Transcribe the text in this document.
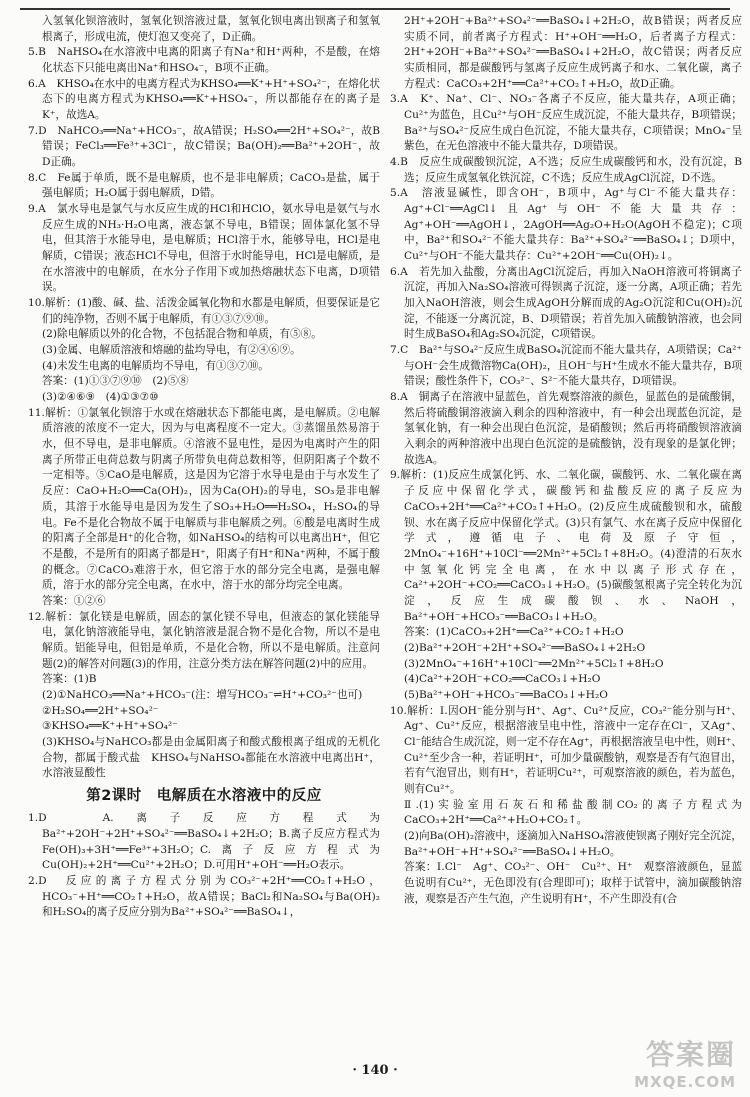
入氢氧化钡溶液时，氢氧化钡溶液过量，氢氧化钡电离出钡离子和氢氧根离子，形成电流，使灯泡又变亮了，D正确。

5.B　NaHSO₄在水溶液中电离的阳离子有Na⁺和H⁺两种，不是酸，在熔化状态下只能电离出Na⁺和HSO₄⁻，B项不正确。

6.A　KHSO₄在水中的电离方程式为KHSO₄══K⁺+H⁺+SO₄²⁻，在熔化状态下的电离方程式为KHSO₄══K⁺+HSO₄⁻，所以都能存在的离子是K⁺，故选A。

7.D　NaHCO₃══Na⁺+HCO₃⁻，故A错误；H₂SO₄══2H⁺+SO₄²⁻，故B错误；FeCl₃══Fe³⁺+3Cl⁻，故C错误；Ba(OH)₂══Ba²⁺+2OH⁻，故D正确。

8.C　Fe属于单质，既不是电解质，也不是非电解质；CaCO₃是盐，属于强电解质；H₂O属于弱电解质，D错。

9.A　氯水导电是氯气与水反应生成的HCl和HClO，氨水导电是氨气与水反应生成的NH₃·H₂O电离，液态氯不导电，B错误；固体氯化氢不导电，但其溶于水能导电，是电解质；HCl溶于水，能够导电，HCl是电解质，C错误；液态HCl不导电，但溶于水时能导电，HCl是电解质，是在水溶液中的电解质，在水分子作用下或加热熔融状态下电离，D项错误。

10.解析：(1)酸、碱、盐、活泼金属氧化物和水都是电解质，但要保证是它们的纯净物，否则不属于电解质，有①③⑦⑨⑩。

(2)除电解质以外的化合物，不包括混合物和单质，有⑤⑧。

(3)金属、电解质溶液和熔融的盐均导电，有②④⑥⑨。

(4)未发生电离的电解质均不导电，有①③⑦⑩。

答案：(1)①③⑦⑨⑩　(2)⑤⑧

(3)②④⑥⑨　(4)①③⑦⑩

11.解析：①氯氧化钡溶于水或在熔融状态下都能电离，是电解质。②电解质溶液的浓度不一定大，因为与电离程度不一定大。③蒸馏虽然易溶于水，但不导电，是非电解质。④溶液不显电性，是因为电离时产生的阳离子所带正电荷总数与阴离子所带负电荷总数相等，但阴阳离子个数不一定相等。⑤CaO是电解质，这是因为它溶于水导电是由于与水发生了反应：CaO+H₂O══Ca(OH)₂，因为Ca(OH)₂的导电，SO₃是非电解质，其溶于水能导电是因为发生了SO₃+H₂O══H₂SO₄，H₂SO₄的导电。Fe不是化合物故不属于电解质与非电解质之列。⑥酸是电离时生成的阳离子全部是H⁺的化合物，如NaHSO₄的结构可以电离出H⁺，但它不是酸，不是所有的阳离子都是H⁺，阳离子有H⁺和Na⁺两种，不属于酸的概念。⑦CaCO₃难溶于水，但它溶于水的部分完全电离，是强电解质，溶于水的部分完全电离，在水中，溶于水的部分均完全电离。

答案：①②⑥

12.解析：氯化镁是电解质，固态的氯化镁不导电，但液态的氯化镁能导电，氯化钠溶液能导电，氯化钠溶液是混合物不是化合物，所以不是电解质。铝能导电，但铝是单质，不是化合物，所以不是电解质。注意问题(2)的解答对问题(3)的作用，注意分类方法在解答问题(2)中的应用。

答案：(1)B

(2)①NaHCO₃══Na⁺+HCO₃⁻(注：增写HCO₃⁻⇌H⁺+CO₃²⁻也可)

②H₂SO₄══2H⁺+SO₄²⁻

③KHSO₄══K⁺+H⁺+SO₄²⁻

(3)KHSO₄与NaHCO₃都是由金属阳离子和酸式酸根离子组成的无机化合物，都属于酸式盐　KHSO₄与NaHSO₄都能在水溶液中电离出H⁺，水溶液显酸性

第2课时　电解质在水溶液中的反应

1.D　A.离子反应方程式为Ba²⁺+2OH⁻+2H⁺+SO₄²⁻══BaSO₄↓+2H₂O；B.离子反应方程式为Fe(OH)₃+3H⁺══Fe³⁺+3H₂O；C.离子反应方程式为Cu(OH)₂+2H⁺══Cu²⁺+2H₂O；D.可用H⁺+OH⁻══H₂O表示。

2.D　反应的离子方程式分别为CO₃²⁻+2H⁺══CO₂↑+H₂O，HCO₃⁻+H⁺══CO₂↑+H₂O，故A错误；BaCl₂和Na₂SO₄与Ba(OH)₂和H₂SO₄的离子反应分别为Ba²⁺+SO₄²⁻══BaSO₄↓，

2H⁺+2OH⁻+Ba²⁺+SO₄²⁻══BaSO₄↓+2H₂O，故B错误；两者反应实质不同，前者离子方程式：H⁺+OH⁻══H₂O，后者离子方程式：2H⁺+2OH⁻+Ba²⁺+SO₄²⁻══BaSO₄↓+2H₂O，故C错误；两者反应实质相同，都是碳酸钙与氢离子反应生成钙离子和水、二氧化碳，离子方程式：CaCO₃+2H⁺══Ca²⁺+CO₂↑+H₂O，故D正确。

3.A　K⁺、Na⁺、Cl⁻、NO₃⁻各离子不反应，能大量共存，A项正确；Cu²⁺为蓝色，且Cu²⁺与OH⁻反应生成沉淀，不能大量共存，B项错误；Ba²⁺与SO₄²⁻反应生成白色沉淀，不能大量共存，C项错误；MnO₄⁻呈紫色，在无色溶液中不能大量共存，D项错误。

4.B　反应生成碳酸钡沉淀，A不选；反应生成碳酸钙和水，没有沉淀，B选；反应生成氢氧化铁沉淀，C不选；反应生成AgCl沉淀，D不选。

5.A　溶液显碱性，即含OH⁻，B项中，Ag⁺与Cl⁻不能大量共存：Ag⁺+Cl⁻══AgCl↓且Ag⁺与OH⁻不能大量共存：Ag⁺+OH⁻══AgOH↓，2AgOH══Ag₂O+H₂O(AgOH不稳定)；C项中，Ba²⁺和SO₄²⁻不能大量共存：Ba²⁺+SO₄²⁻══BaSO₄↓；D项中，Cu²⁺与OH⁻不能大量共存：Cu²⁺+2OH⁻══Cu(OH)₂↓。

6.A　若先加入盐酸，分离出AgCl沉淀后，再加入NaOH溶液可将铜离子沉淀，再加入Na₂SO₄溶液可得钡离子沉淀，逐一分离，A项正确；若先加入NaOH溶液，则会生成AgOH分解而成的Ag₂O沉淀和Cu(OH)₂沉淀，不能逐一分离沉淀，B、D项错误；若首先加入硫酸钠溶液，也会同时生成BaSO₄和Ag₂SO₄沉淀，C项错误。

7.C　Ba²⁺与SO₄²⁻反应生成BaSO₄沉淀而不能大量共存，A项错误；Ca²⁺与OH⁻会生成微溶物Ca(OH)₂，且OH⁻与H⁺生成水不能大量共存，B项错误；酸性条件下，CO₃²⁻、S²⁻不能大量共存，D项错误。

8.A　铜离子在溶液中显蓝色，首先观察溶液的颜色，显蓝色的是硫酸铜，然后将硫酸铜溶液滴入剩余的四种溶液中，有一种会出现蓝色沉淀，是氢氧化钠，有一种会出现白色沉淀，是硝酸钡；然后再将硝酸钡溶液滴入剩余的两种溶液中出现白色沉淀的是硫酸钠，没有现象的是氯化钾；故选A。

9.解析：(1)反应生成氯化钙、水、二氧化碳，碳酸钙、水、二氧化碳在离子反应中保留化学式，碳酸钙和盐酸反应的离子反应为CaCO₃+2H⁺══Ca²⁺+CO₂↑+H₂O。(2)反应生成硫酸钡和水，硫酸钡、水在离子反应中保留化学式。(3)只有氯气、水在离子反应中保留化学式，遵循电子、电荷及原子守恒，2MnO₄⁻+16H⁺+10Cl⁻══2Mn²⁺+5Cl₂↑+8H₂O。(4)澄清的石灰水中氢氧化钙完全电离，在水中以离子形式存在，Ca²⁺+2OH⁻+CO₂══CaCO₃↓+H₂O。(5)碳酸氢根离子完全转化为沉淀，反应生成碳酸钡、水、NaOH，Ba²⁺+OH⁻+HCO₃⁻══BaCO₃↓+H₂O。

答案：(1)CaCO₃+2H⁺══Ca²⁺+CO₂↑+H₂O

(2)Ba²⁺+2OH⁻+2H⁺+SO₄²⁻══BaSO₄↓+2H₂O

(3)2MnO₄⁻+16H⁺+10Cl⁻══2Mn²⁺+5Cl₂↑+8H₂O

(4)Ca²⁺+2OH⁻+CO₂══CaCO₃↓+H₂O

(5)Ba²⁺+OH⁻+HCO₃⁻══BaCO₃↓+H₂O

10.解析：Ⅰ.因OH⁻能分别与H⁺、Ag⁺、Cu²⁺反应，CO₃²⁻能分别与H⁺、Ag⁺、Cu²⁺反应，根据溶液呈电中性，溶液中一定存在Cl⁻，又Ag⁺、Cl⁻能结合生成沉淀，则一定不存在Ag⁺，再根据溶液呈电中性，则H⁺、Cu²⁺至少含一种，若证明H⁺，可加少量碳酸钠，观察是否有气泡冒出，若有气泡冒出，则有H⁺，若证明Cu²⁺，可观察溶液的颜色，若为蓝色，则有Cu²⁺。

Ⅱ.(1)实验室用石灰石和稀盐酸制CO₂的离子方程式为CaCO₃+2H⁺══Ca²⁺+H₂O+CO₂↑。

(2)向Ba(OH)₂溶液中，逐滴加入NaHSO₄溶液使钡离子刚好完全沉淀，Ba²⁺+OH⁻+H⁺+SO₄²⁻══BaSO₄↓+H₂O。

答案：Ⅰ.Cl⁻　Ag⁺、CO₃²⁻、OH⁻　Cu²⁺、H⁺　观察溶液颜色，显蓝色说明有Cu²⁺，无色即没有(合理即可)；取样于试管中，滴加碳酸钠溶液，观察是否产生气泡，产生说明有H⁺，不产生即没有(合

· 140 ·	答案圈
MXQE.COM
